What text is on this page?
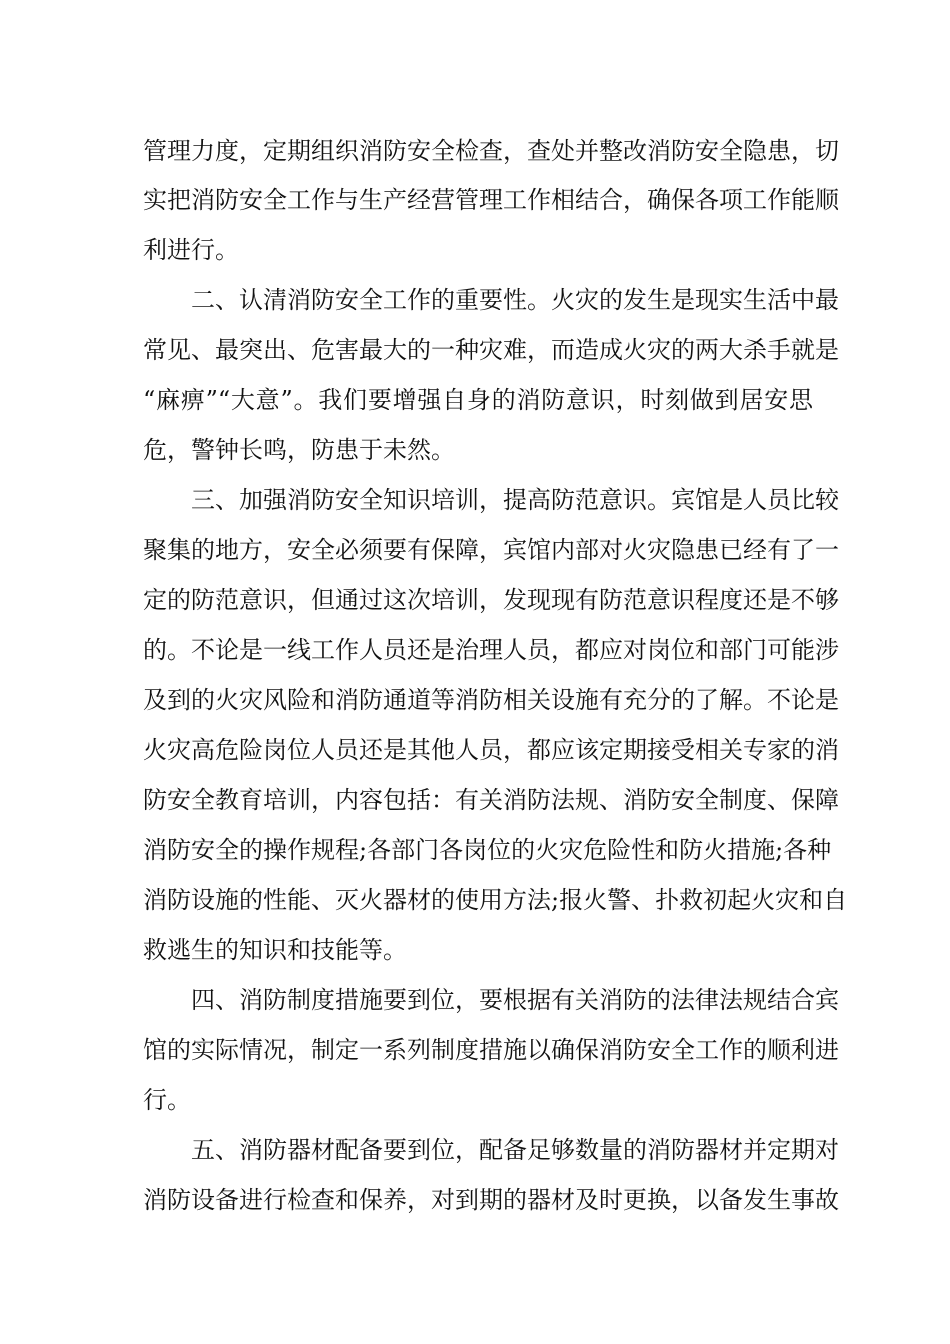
管理力度，定期组织消防安全检查，查处并整改消防安全隐患，切
实把消防安全工作与生产经营管理工作相结合，确保各项工作能顺
利进行。
二、认清消防安全工作的重要性。火灾的发生是现实生活中最
常见、最突出、危害最大的一种灾难，而造成火灾的两大杀手就是
“麻痹”“大意”。我们要增强自身的消防意识，时刻做到居安思
危，警钟长鸣，防患于未然。
三、加强消防安全知识培训，提高防范意识。宾馆是人员比较
聚集的地方，安全必须要有保障，宾馆内部对火灾隐患已经有了一
定的防范意识，但通过这次培训，发现现有防范意识程度还是不够
的。不论是一线工作人员还是治理人员，都应对岗位和部门可能涉
及到的火灾风险和消防通道等消防相关设施有充分的了解。不论是
火灾高危险岗位人员还是其他人员，都应该定期接受相关专家的消
防安全教育培训，内容包括：有关消防法规、消防安全制度、保障
消防安全的操作规程;各部门各岗位的火灾危险性和防火措施;各种
消防设施的性能、灭火器材的使用方法;报火警、扑救初起火灾和自
救逃生的知识和技能等。
四、消防制度措施要到位，要根据有关消防的法律法规结合宾
馆的实际情况，制定一系列制度措施以确保消防安全工作的顺利进
行。
五、消防器材配备要到位，配备足够数量的消防器材并定期对
消防设备进行检查和保养，对到期的器材及时更换，以备发生事故
